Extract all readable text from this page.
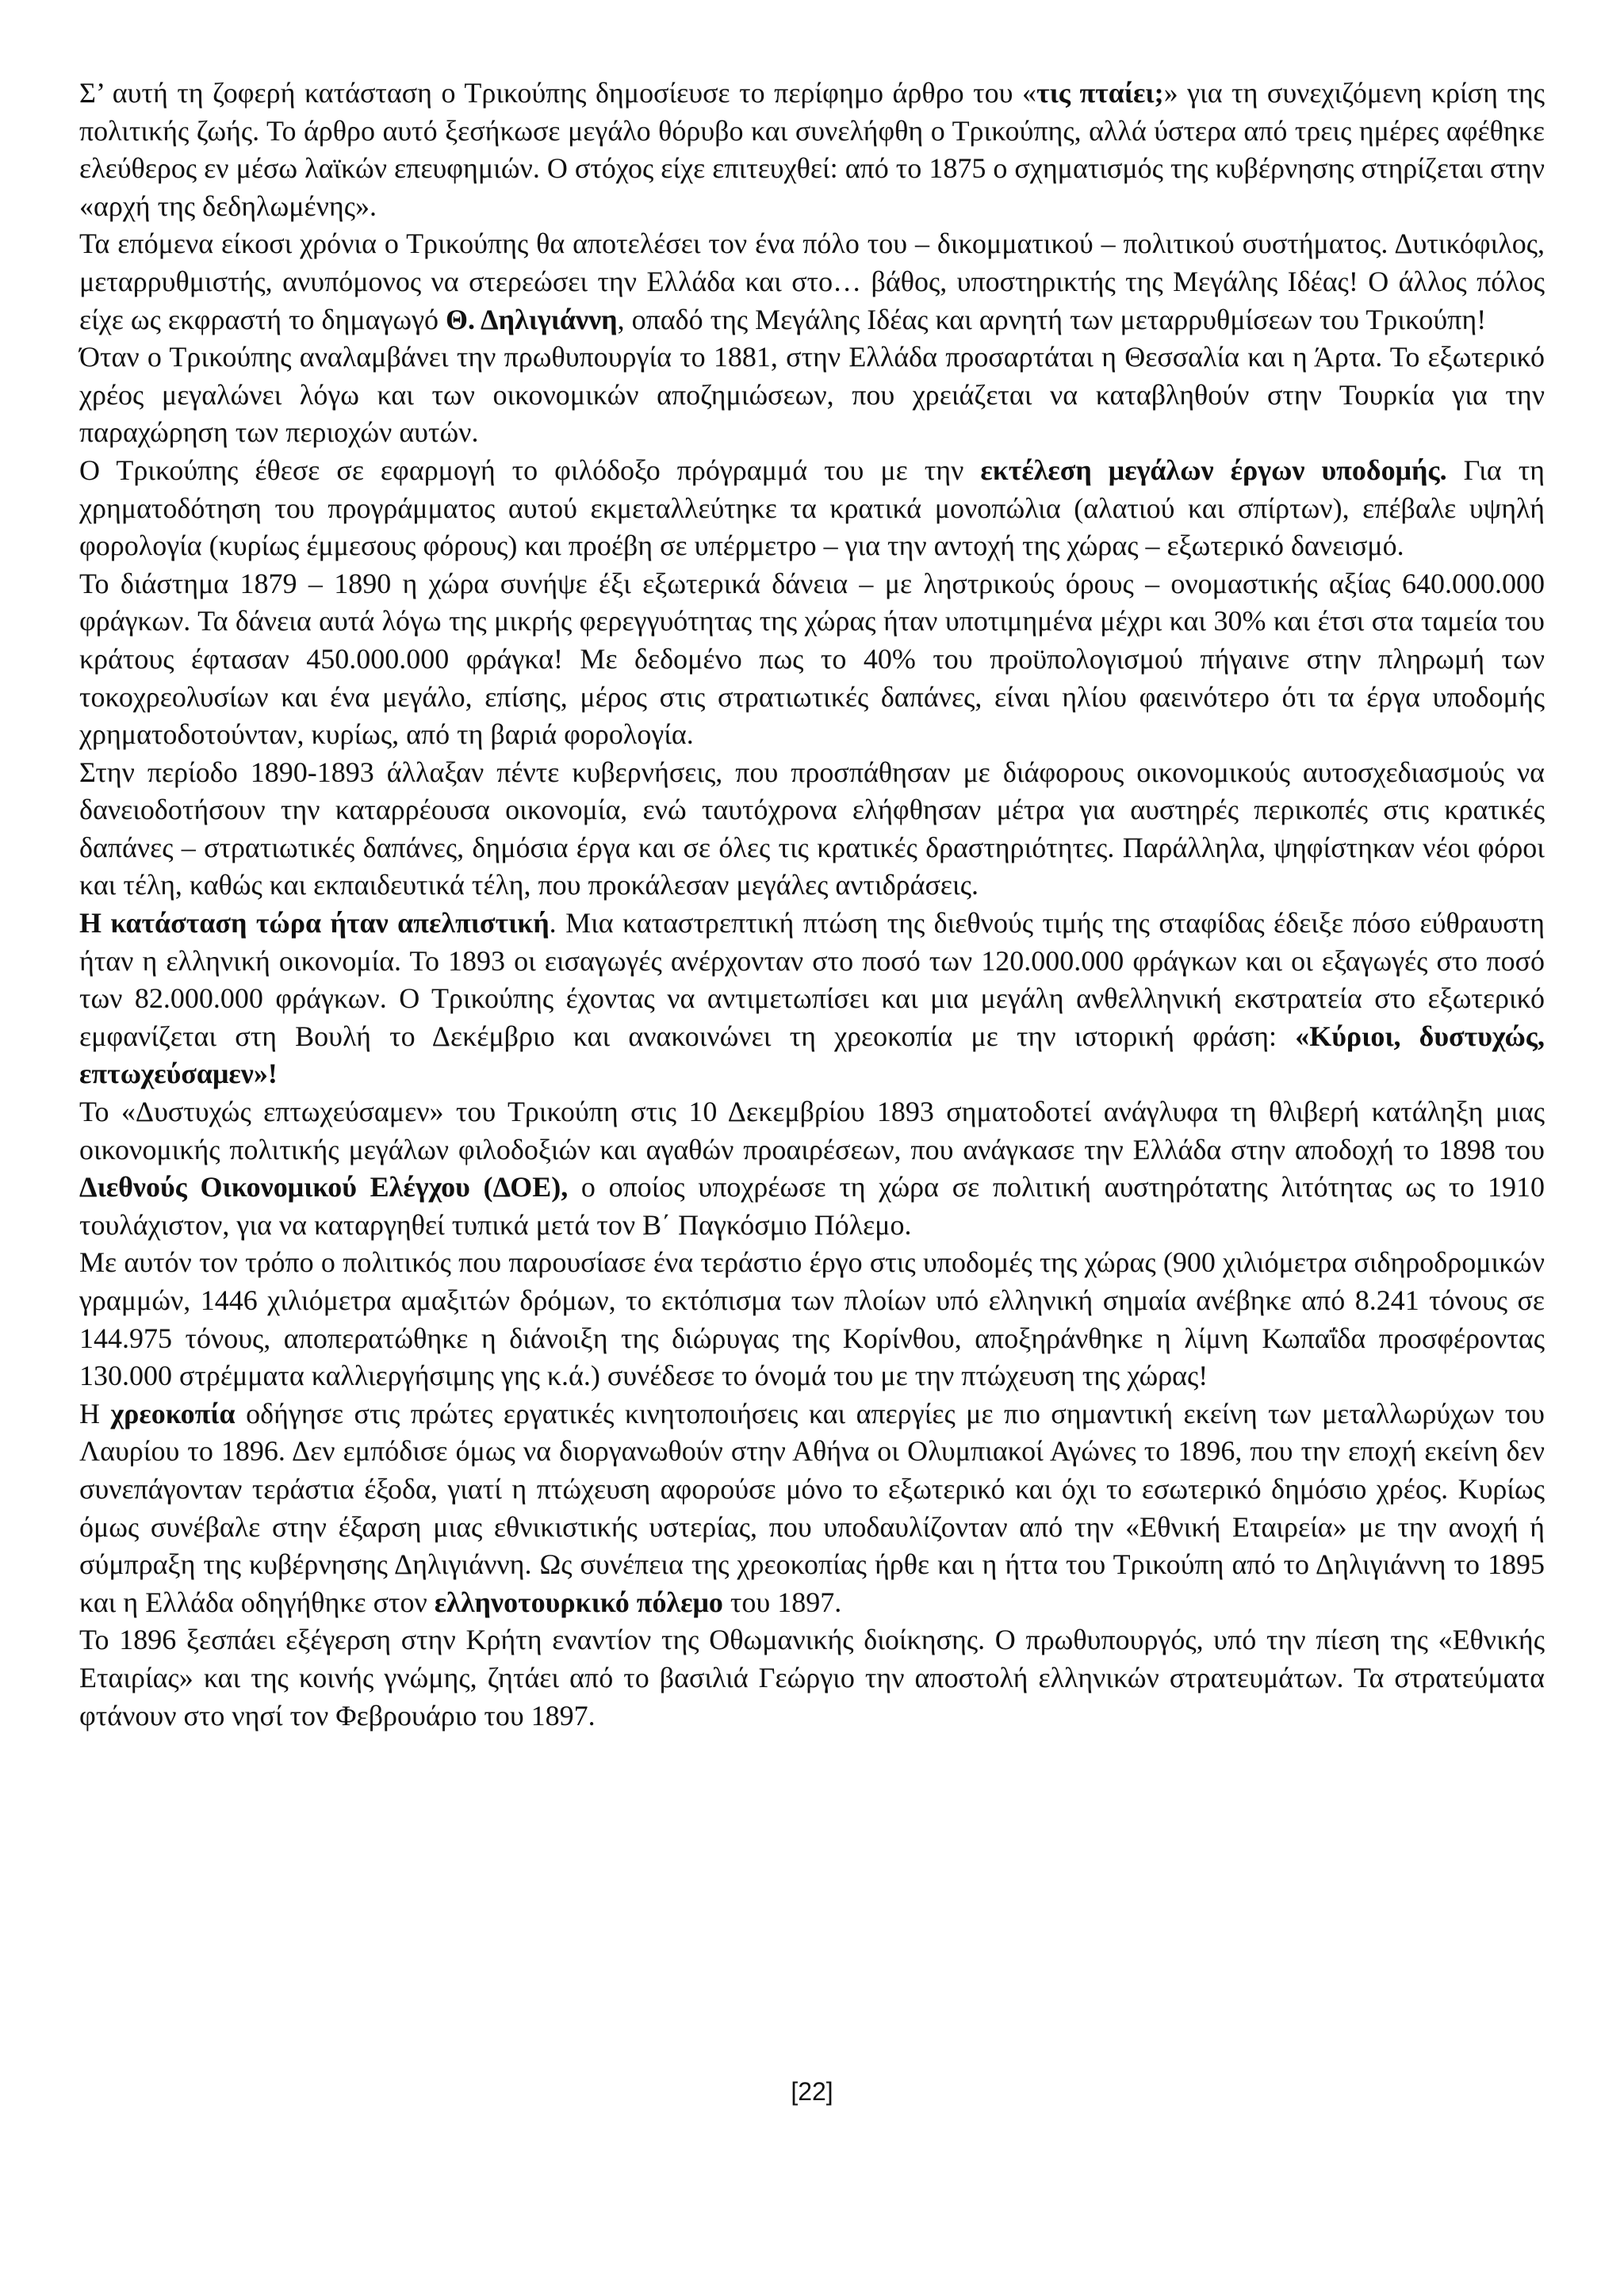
Σ’ αυτή τη ζοφερή κατάσταση ο Τρικούπης δημοσίευσε το περίφημο άρθρο του «τις πταίει;» για τη συνεχιζόμενη κρίση της πολιτικής ζωής. Το άρθρο αυτό ξεσήκωσε μεγάλο θόρυβο και συνελήφθη ο Τρικούπης, αλλά ύστερα από τρεις ημέρες αφέθηκε ελεύθερος εν μέσω λαϊκών επευφημιών. Ο στόχος είχε επιτευχθεί: από το 1875 ο σχηματισμός της κυβέρνησης στηρίζεται στην «αρχή της δεδηλωμένης».

Τα επόμενα είκοσι χρόνια ο Τρικούπης θα αποτελέσει τον ένα πόλο του – δικομματικού – πολιτικού συστήματος. Δυτικόφιλος, μεταρρυθμιστής, ανυπόμονος να στερεώσει την Ελλάδα και στο… βάθος, υποστηρικτής της Μεγάλης Ιδέας! Ο άλλος πόλος είχε ως εκφραστή το δημαγωγό Θ. Δηλιγιάννη, οπαδό της Μεγάλης Ιδέας και αρνητή των μεταρρυθμίσεων του Τρικούπη!

Όταν ο Τρικούπης αναλαμβάνει την πρωθυπουργία το 1881, στην Ελλάδα προσαρτάται η Θεσσαλία και η Άρτα. Το εξωτερικό χρέος μεγαλώνει λόγω και των οικονομικών αποζημιώσεων, που χρειάζεται να καταβληθούν στην Τουρκία για την παραχώρηση των περιοχών αυτών.

Ο Τρικούπης έθεσε σε εφαρμογή το φιλόδοξο πρόγραμμά του με την εκτέλεση μεγάλων έργων υποδομής. Για τη χρηματοδότηση του προγράμματος αυτού εκμεταλλεύτηκε τα κρατικά μονοπώλια (αλατιού και σπίρτων), επέβαλε υψηλή φορολογία (κυρίως έμμεσους φόρους) και προέβη σε υπέρμετρο – για την αντοχή της χώρας – εξωτερικό δανεισμό.

Το διάστημα 1879 – 1890 η χώρα συνήψε έξι εξωτερικά δάνεια – με ληστρικούς όρους – ονομαστικής αξίας 640.000.000 φράγκων. Τα δάνεια αυτά λόγω της μικρής φερεγγυότητας της χώρας ήταν υποτιμημένα μέχρι και 30% και έτσι στα ταμεία του κράτους έφτασαν 450.000.000 φράγκα! Με δεδομένο πως το 40% του προϋπολογισμού πήγαινε στην πληρωμή των τοκοχρεολυσίων και ένα μεγάλο, επίσης, μέρος στις στρατιωτικές δαπάνες, είναι ηλίου φαεινότερο ότι τα έργα υποδομής χρηματοδοτούνταν, κυρίως, από τη βαριά φορολογία.

Στην περίοδο 1890-1893 άλλαξαν πέντε κυβερνήσεις, που προσπάθησαν με διάφορους οικονομικούς αυτοσχεδιασμούς να δανειοδοτήσουν την καταρρέουσα οικονομία, ενώ ταυτόχρονα ελήφθησαν μέτρα για αυστηρές περικοπές στις κρατικές δαπάνες – στρατιωτικές δαπάνες, δημόσια έργα και σε όλες τις κρατικές δραστηριότητες. Παράλληλα, ψηφίστηκαν νέοι φόροι και τέλη, καθώς και εκπαιδευτικά τέλη, που προκάλεσαν μεγάλες αντιδράσεις.

Η κατάσταση τώρα ήταν απελπιστική. Μια καταστρεπτική πτώση της διεθνούς τιμής της σταφίδας έδειξε πόσο εύθραυστη ήταν η ελληνική οικονομία. Το 1893 οι εισαγωγές ανέρχονταν στο ποσό των 120.000.000 φράγκων και οι εξαγωγές στο ποσό των 82.000.000 φράγκων. Ο Τρικούπης έχοντας να αντιμετωπίσει και μια μεγάλη ανθελληνική εκστρατεία στο εξωτερικό εμφανίζεται στη Βουλή το Δεκέμβριο και ανακοινώνει τη χρεοκοπία με την ιστορική φράση: «Κύριοι, δυστυχώς, επτωχεύσαμεν»!

Το «Δυστυχώς επτωχεύσαμεν» του Τρικούπη στις 10 Δεκεμβρίου 1893 σηματοδοτεί ανάγλυφα τη θλιβερή κατάληξη μιας οικονομικής πολιτικής μεγάλων φιλοδοξιών και αγαθών προαιρέσεων, που ανάγκασε την Ελλάδα στην αποδοχή το 1898 του Διεθνούς Οικονομικού Ελέγχου (ΔΟΕ), ο οποίος υποχρέωσε τη χώρα σε πολιτική αυστηρότατης λιτότητας ως το 1910 τουλάχιστον, για να καταργηθεί τυπικά μετά τον Β΄ Παγκόσμιο Πόλεμο.

Με αυτόν τον τρόπο ο πολιτικός που παρουσίασε ένα τεράστιο έργο στις υποδομές της χώρας (900 χιλιόμετρα σιδηροδρομικών γραμμών, 1446 χιλιόμετρα αμαξιτών δρόμων, το εκτόπισμα των πλοίων υπό ελληνική σημαία ανέβηκε από 8.241 τόνους σε 144.975 τόνους, αποπερατώθηκε η διάνοιξη της διώρυγας της Κορίνθου, αποξηράνθηκε η λίμνη Κωπαΐδα προσφέροντας 130.000 στρέμματα καλλιεργήσιμης γης κ.ά.) συνέδεσε το όνομά του με την πτώχευση της χώρας!

Η χρεοκοπία οδήγησε στις πρώτες εργατικές κινητοποιήσεις και απεργίες με πιο σημαντική εκείνη των μεταλλωρύχων του Λαυρίου το 1896. Δεν εμπόδισε όμως να διοργανωθούν στην Αθήνα οι Ολυμπιακοί Αγώνες το 1896, που την εποχή εκείνη δεν συνεπάγονταν τεράστια έξοδα, γιατί η πτώχευση αφορούσε μόνο το εξωτερικό και όχι το εσωτερικό δημόσιο χρέος. Κυρίως όμως συνέβαλε στην έξαρση μιας εθνικιστικής υστερίας, που υποδαυλίζονταν από την «Εθνική Εταιρεία» με την ανοχή ή σύμπραξη της κυβέρνησης Δηλιγιάννη. Ως συνέπεια της χρεοκοπίας ήρθε και η ήττα του Τρικούπη από το Δηλιγιάννη το 1895 και η Ελλάδα οδηγήθηκε στον ελληνοτουρκικό πόλεμο του 1897.

Το 1896 ξεσπάει εξέγερση στην Κρήτη εναντίον της Οθωμανικής διοίκησης. Ο πρωθυπουργός, υπό την πίεση της «Εθνικής Εταιρίας» και της κοινής γνώμης, ζητάει από το βασιλιά Γεώργιο την αποστολή ελληνικών στρατευμάτων. Τα στρατεύματα φτάνουν στο νησί τον Φεβρουάριο του 1897.

[22]
